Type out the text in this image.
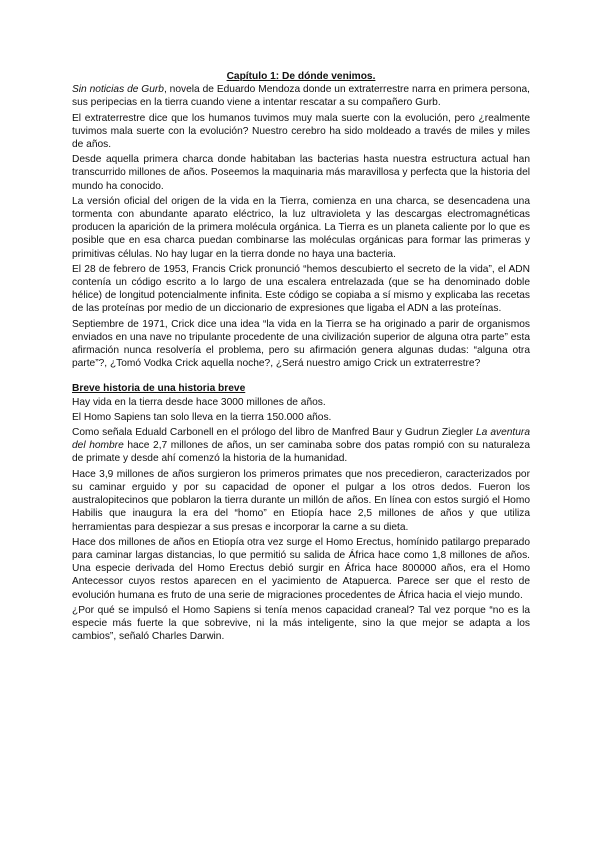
Capítulo 1: De dónde venimos.

Sin noticias de Gurb, novela de Eduardo Mendoza donde un extraterrestre narra en primera persona, sus peripecias en la tierra cuando viene a intentar rescatar a su compañero Gurb.

El extraterrestre dice que los humanos tuvimos muy mala suerte con la evolución, pero ¿realmente tuvimos mala suerte con la evolución? Nuestro cerebro ha sido moldeado a través de miles y miles de años.

Desde aquella primera charca donde habitaban las bacterias hasta nuestra estructura actual han transcurrido millones de años. Poseemos la maquinaria más maravillosa y perfecta que la historia del mundo ha conocido.

La versión oficial del origen de la vida en la Tierra, comienza en una charca, se desencadena una tormenta con abundante aparato eléctrico, la luz ultravioleta y las descargas electromagnéticas producen la aparición de la primera molécula orgánica. La Tierra es un planeta caliente por lo que es posible que en esa charca puedan combinarse las moléculas orgánicas para formar las primeras y primitivas células. No hay lugar en la tierra donde no haya una bacteria.

El 28 de febrero de 1953, Francis Crick pronunció “hemos descubierto el secreto de la vida”, el ADN contenía un código escrito a lo largo de una escalera entrelazada (que se ha denominado doble hélice) de longitud potencialmente infinita. Este código se copiaba a sí mismo y explicaba las recetas de las proteínas por medio de un diccionario de expresiones que ligaba el ADN a las proteínas.

Septiembre de 1971, Crick dice una idea “la vida en la Tierra se ha originado a parir de organismos enviados en una nave no tripulante procedente de una civilización superior de alguna otra parte” esta afirmación nunca resolvería el problema, pero su afirmación genera algunas dudas: “alguna otra parte”?, ¿Tomó Vodka Crick aquella noche?, ¿Será nuestro amigo Crick un extraterrestre?

Breve historia de una historia breve

Hay vida en la tierra desde hace 3000 millones de años.

El Homo Sapiens tan solo lleva en la tierra 150.000 años.

Como señala Eduald Carbonell en el prólogo del libro de Manfred Baur y Gudrun Ziegler La aventura del hombre hace 2,7 millones de años, un ser caminaba sobre dos patas rompió con su naturaleza de primate y desde ahí comenzó la historia de la humanidad.

Hace 3,9 millones de años surgieron los primeros primates que nos precedieron, caracterizados por su caminar erguido y por su capacidad de oponer el pulgar a los otros dedos. Fueron los australopitecinos que poblaron la tierra durante un millón de años. En línea con estos surgió el Homo Habilis que inaugura la era del “homo” en Etiopía hace 2,5 millones de años y que utiliza herramientas para despiezar a sus presas e incorporar la carne a su dieta.

Hace dos millones de años en Etiopía otra vez surge el Homo Erectus, homínido patilargo preparado para caminar largas distancias, lo que permitió su salida de África hace como 1,8 millones de años. Una especie derivada del Homo Erectus debió surgir en África hace 800000 años, era el Homo Antecessor cuyos restos aparecen en el yacimiento de Atapuerca. Parece ser que el resto de evolución humana es fruto de una serie de migraciones procedentes de África hacia el viejo mundo.

¿Por qué se impulsó el Homo Sapiens si tenía menos capacidad craneal? Tal vez porque “no es la especie más fuerte la que sobrevive, ni la más inteligente, sino la que mejor se adapta a los cambios”, señaló Charles Darwin.
